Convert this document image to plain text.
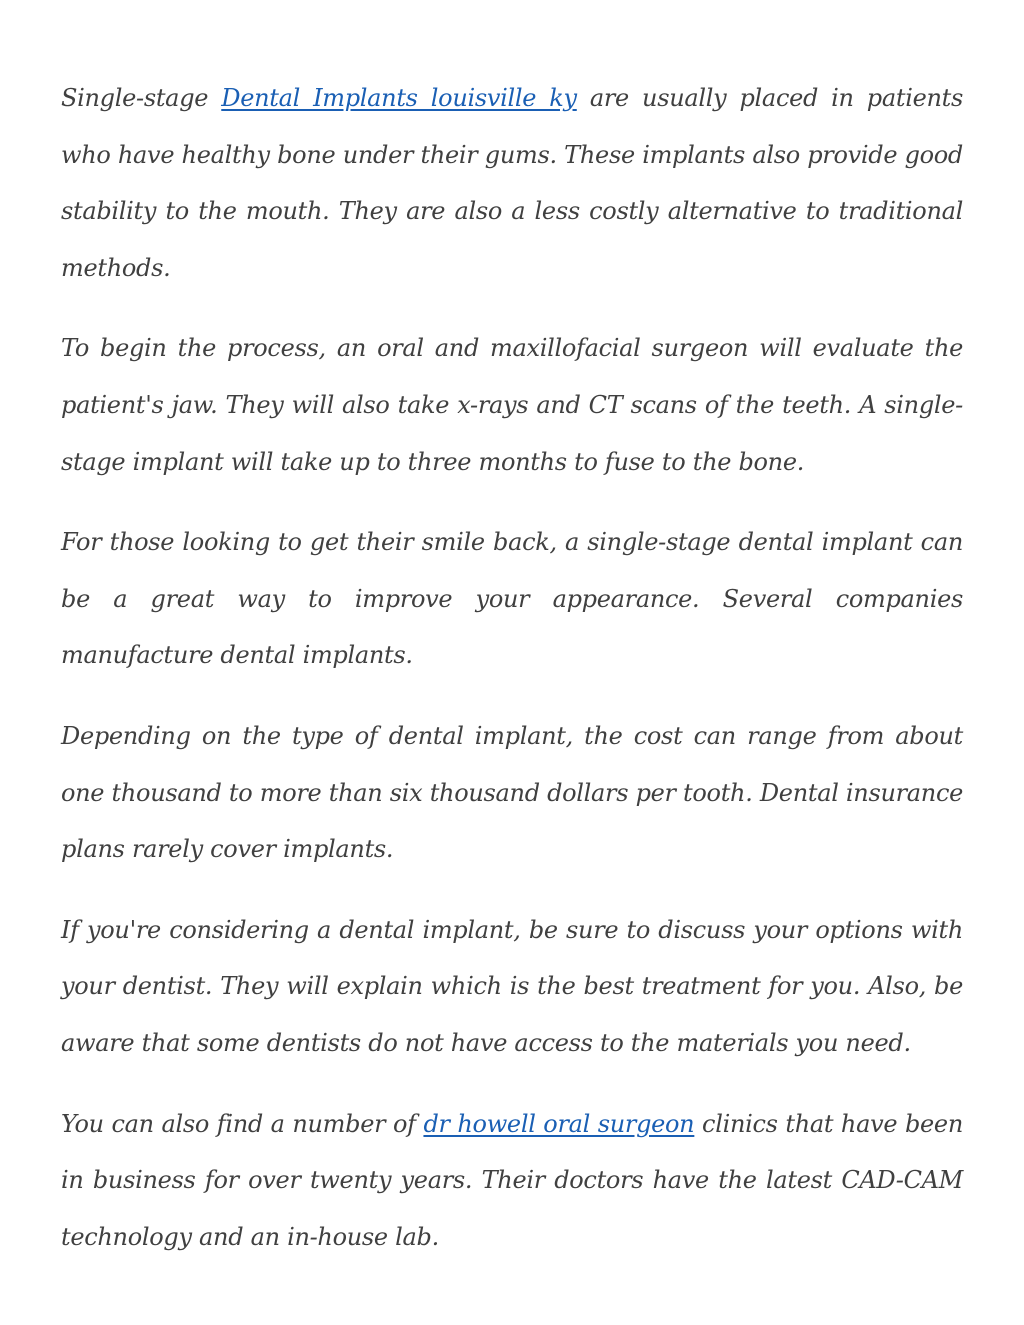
Single-stage Dental Implants louisville ky are usually placed in patients who have healthy bone under their gums. These implants also provide good stability to the mouth. They are also a less costly alternative to traditional methods.

To begin the process, an oral and maxillofacial surgeon will evaluate the patient's jaw. They will also take x-rays and CT scans of the teeth. A single-stage implant will take up to three months to fuse to the bone.

For those looking to get their smile back, a single-stage dental implant can be a great way to improve your appearance. Several companies manufacture dental implants.

Depending on the type of dental implant, the cost can range from about one thousand to more than six thousand dollars per tooth. Dental insurance plans rarely cover implants.

If you're considering a dental implant, be sure to discuss your options with your dentist. They will explain which is the best treatment for you. Also, be aware that some dentists do not have access to the materials you need.

You can also find a number of dr howell oral surgeon clinics that have been in business for over twenty years. Their doctors have the latest CAD-CAM technology and an in-house lab.
